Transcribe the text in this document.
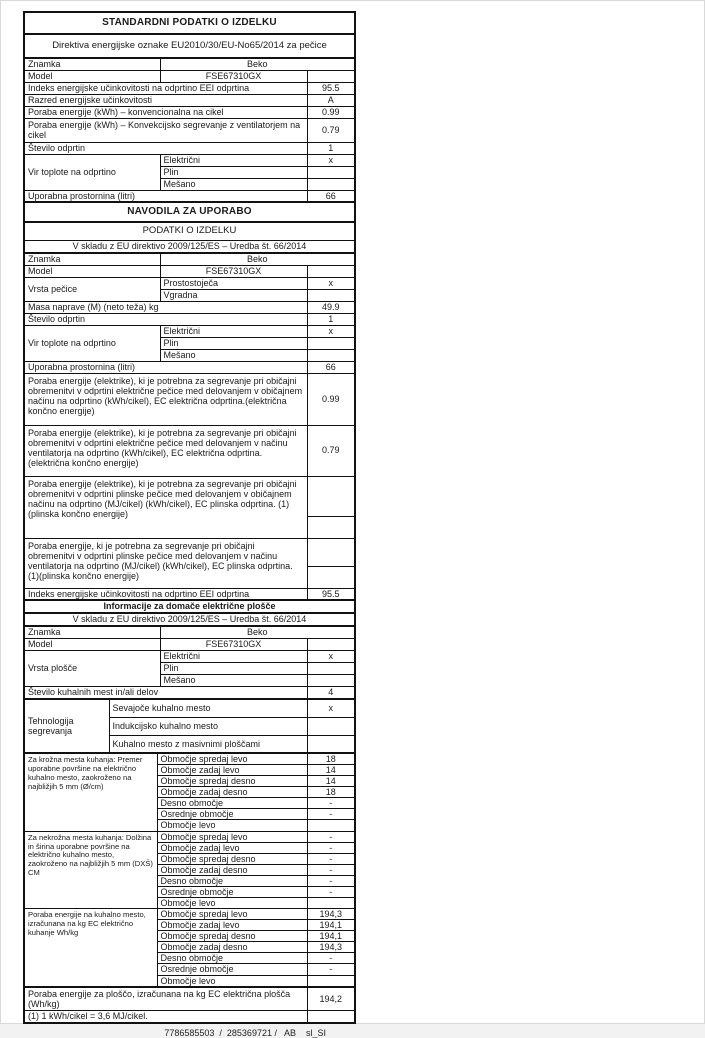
STANDARDNI PODATKI O IZDELKU		
Direktiva energijske oznake EU2010/30/EU-No65/2014 za pečice		
Znamka	Beko	
Model	FSE67310GX	
Indeks energijske učinkovitosti na odprtino EEI odprtina		95.5
Razred energijske učinkovitosti		A
Poraba energije (kWh) – konvencionalna na cikel		0.99
Poraba energije (kWh) – Konvekcijsko segrevanje z ventilatorjem na cikel		0.79
Število odprtin		1
Vir toplote na odprtino	Električni	x
	Plin	
	Mešano	
Uporabna prostornina (litri)		66
NAVODILA ZA UPORABO
PODATKI O IZDELKU
V skladu z EU direktivo 2009/125/ES – Uredba št. 66/2014
Znamka	Beko	
Model	FSE67310GX	
Vrsta pečice	Prostostoječa	x
	Vgradna	
Masa naprave (M) (neto teža) kg		49.9
Število odprtin		1
Vir toplote na odprtino	Električni	x
	Plin	
	Mešano	
Uporabna prostornina (litri)		66
Poraba energije (elektrike), ki je potrebna za segrevanje pri običajni obremenitvi v odprtini električne pečice med delovanjem v običajnem načinu na odprtino (kWh/cikel), EC električna odprtina.(električna končno energije)		0.99
Poraba energije (elektrike), ki je potrebna za segrevanje pri običajni obremenitvi v odprtini električne pečice med delovanjem v načinu ventilatorja na odprtino (kWh/cikel), EC električna odprtina.(električna končno energije)		0.79
Poraba energije (elektrike), ki je potrebna za segrevanje pri običajni obremenitvi v odprtini plinske pečice med delovanjem v običajnem načinu na odprtino (MJ/cikel) (kWh/cikel), EC plinska odprtina. (1)(plinska končno energije)		

Poraba energije, ki je potrebna za segrevanje pri običajni obremenitvi v odprtini plinske pečice med delovanjem v načinu ventilatorja na odprtino (MJ/cikel) (kWh/cikel), EC plinska odprtina. (1)(plinska končno energije)		

Indeks energijske učinkovitosti na odprtino EEI odprtina		95.5
Informacije za domače električne plošče
V skladu z EU direktivo 2009/125/ES – Uredba št. 66/2014
Znamka	Beko	
Model	FSE67310GX	
Vrsta plošče	Električni	x
	Plin	
	Mešano	
Število kuhalnih mest in/ali delov		4
Tehnologija segrevanja	Sevajoče kuhalno mesto	x
	Indukcijsko kuhalno mesto	
	Kuhalno mesto z masivnimi ploščami	
Za krožna mesta kuhanja: Premer uporabne površine na električno kuhalno mesto, zaokroženo na najbližjih 5 mm (Ø/cm)	Območje spredaj levo	18
	Območje zadaj levo	14
	Območje spredaj desno	14
	Območje zadaj desno	18
	Desno območje	-
	Osrednje območje	-
	Območje levo	
Za nekrožna mesta kuhanja: Dolžina in širina uporabne površine na električno kuhalno mesto, zaokroženo na najbližjih 5 mm (DXŠ) CM	Območje spredaj levo	-
	Območje zadaj levo	-
	Območje spredaj desno	-
	Območje zadaj desno	-
	Desno območje	-
	Osrednje območje	-
	Območje levo	
Poraba energije na kuhalno mesto, izračunana na kg EC električno kuhanje Wh/kg	Območje spredaj levo	194,3
	Območje zadaj levo	194,1
	Območje spredaj desno	194,1
	Območje zadaj desno	194,3
	Desno območje	-
	Osrednje območje	-
	Območje levo	
Poraba energije za ploščo, izračunana na kg EC električna plošča (Wh/kg)	194,2
(1) 1 kWh/cikel = 3,6 MJ/cikel.	
7786585503  /  285369721 /   AB    sl_SI
